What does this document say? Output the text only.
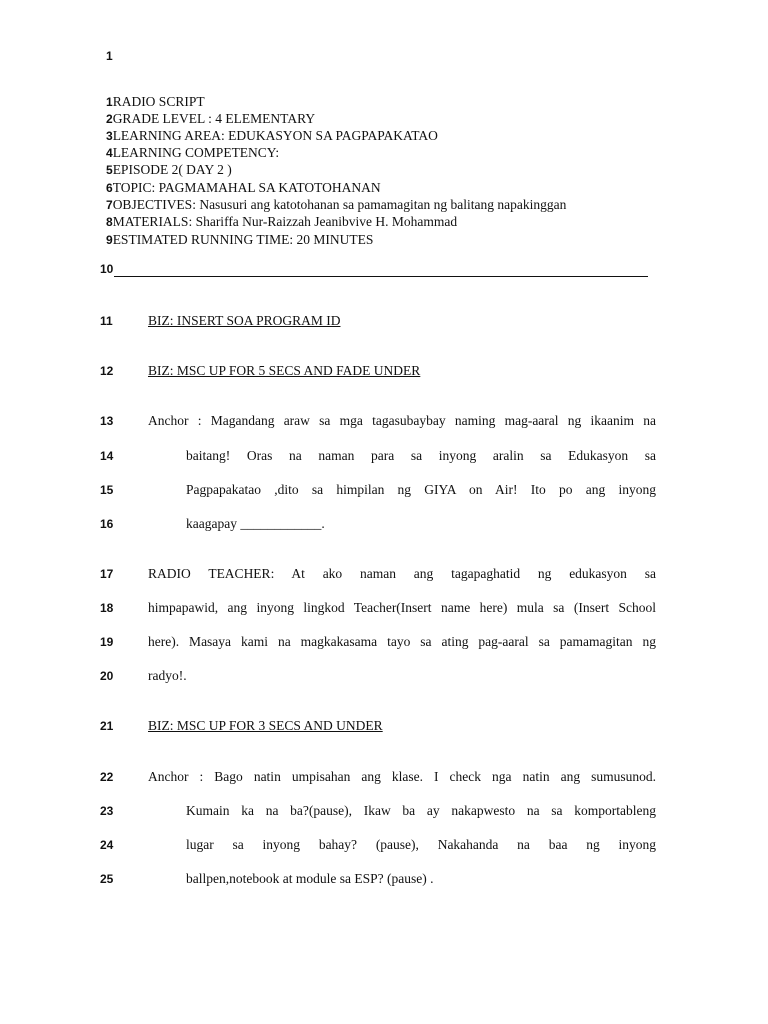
1
1RADIO SCRIPT
2GRADE LEVEL : 4 ELEMENTARY
3LEARNING AREA: EDUKASYON SA PAGPAPAKATAO
4LEARNING COMPETENCY:
5EPISODE 2( DAY 2 )
6TOPIC: PAGMAMAHAL SA KATOTOHANAN
7OBJECTIVES: Nasusuri ang katotohanan sa pamamagitan ng balitang napakinggan
8MATERIALS: Shariffa Nur-Raizzah Jeanibvive H. Mohammad
9ESTIMATED RUNNING TIME: 20 MINUTES
10
11	BIZ: INSERT SOA PROGRAM ID
12	BIZ: MSC UP FOR 5 SECS AND FADE UNDER
13	Anchor : Magandang araw sa mga tagasubaybay naming mag-aaral ng ikaanim na
14	baitang! Oras na naman para sa inyong aralin sa Edukasyon sa
15	Pagpapakatao ,dito sa himpilan ng GIYA on Air! Ito po ang inyong
16	kaagapay ____________.
17	RADIO TEACHER: At ako naman ang tagapaghatid ng edukasyon sa
18	himpapawid, ang inyong lingkod Teacher(Insert name here) mula sa (Insert School
19	here). Masaya kami na magkakasama tayo sa ating pag-aaral sa pamamagitan ng
20	radyo!.
21	BIZ: MSC UP FOR 3 SECS AND UNDER
22	Anchor : Bago natin umpisahan ang klase. I check nga natin ang sumusunod.
23	Kumain ka na ba?(pause), Ikaw ba ay nakapwesto na sa komportableng
24	lugar sa inyong bahay? (pause), Nakahanda na baa ng inyong
25	ballpen,notebook at module sa ESP? (pause) .
